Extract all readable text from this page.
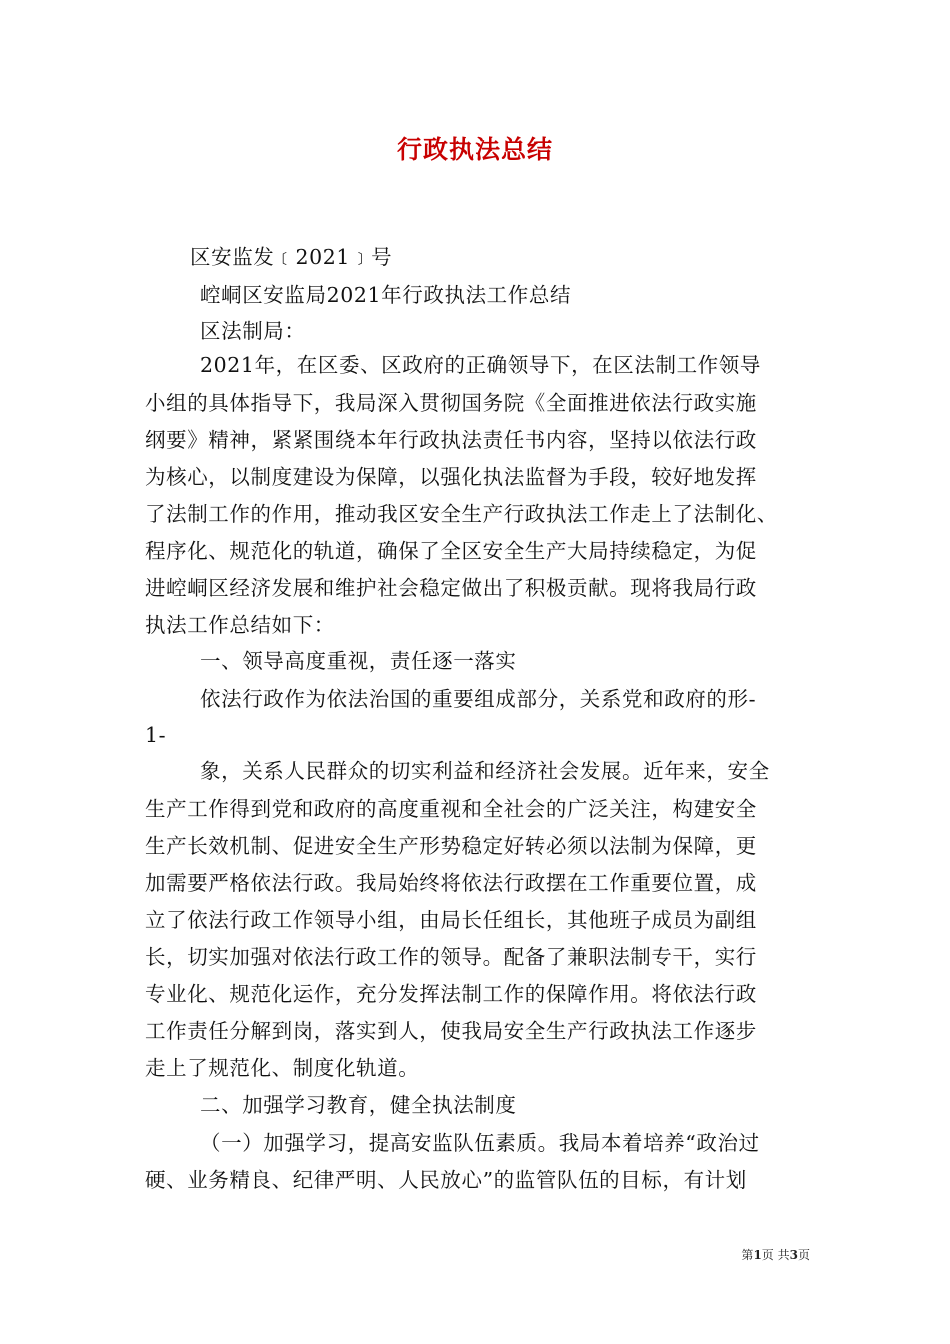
行政执法总结
区安监发﹝2021﹞号
崆峒区安监局2021年行政执法工作总结
区法制局：
2021年，在区委、区政府的正确领导下，在区法制工作领导
小组的具体指导下，我局深入贯彻国务院《全面推进依法行政实施
纲要》精神，紧紧围绕本年行政执法责任书内容，坚持以依法行政
为核心，以制度建设为保障，以强化执法监督为手段，较好地发挥
了法制工作的作用，推动我区安全生产行政执法工作走上了法制化、
程序化、规范化的轨道，确保了全区安全生产大局持续稳定，为促
进崆峒区经济发展和维护社会稳定做出了积极贡献。现将我局行政
执法工作总结如下：
一、领导高度重视，责任逐一落实
依法行政作为依法治国的重要组成部分，关系党和政府的形-
1-
象，关系人民群众的切实利益和经济社会发展。近年来，安全
生产工作得到党和政府的高度重视和全社会的广泛关注，构建安全
生产长效机制、促进安全生产形势稳定好转必须以法制为保障，更
加需要严格依法行政。我局始终将依法行政摆在工作重要位置，成
立了依法行政工作领导小组，由局长任组长，其他班子成员为副组
长，切实加强对依法行政工作的领导。配备了兼职法制专干，实行
专业化、规范化运作，充分发挥法制工作的保障作用。将依法行政
工作责任分解到岗，落实到人，使我局安全生产行政执法工作逐步
走上了规范化、制度化轨道。
二、加强学习教育，健全执法制度
（一）加强学习，提高安监队伍素质。我局本着培养“政治过
硬、业务精良、纪律严明、人民放心”的监管队伍的目标，有计划
第1页 共3页
